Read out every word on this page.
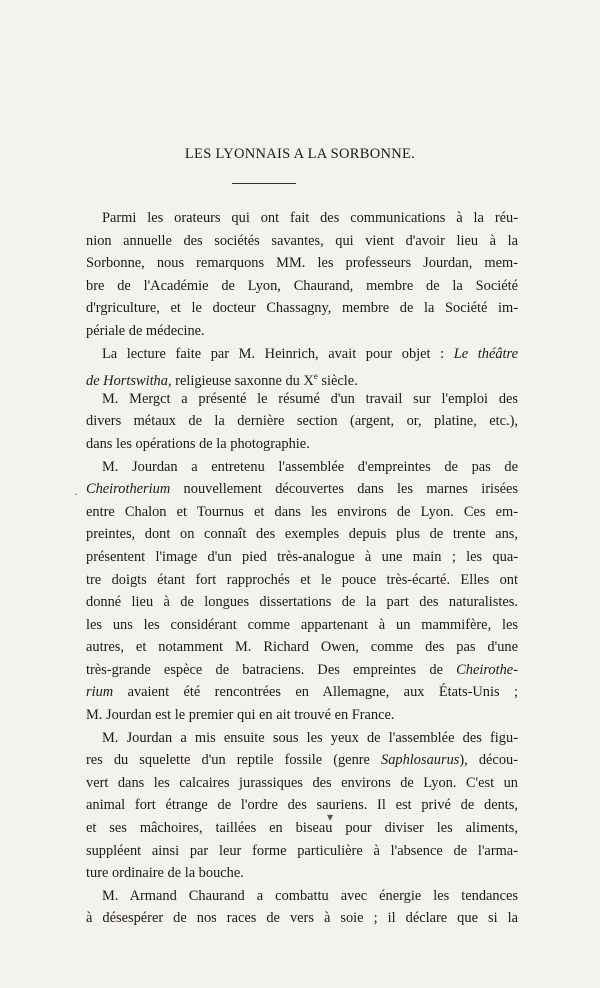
LES LYONNAIS A LA SORBONNE.
Parmi les orateurs qui ont fait des communications à la réu-
nion annuelle des sociétés savantes, qui vient d'avoir lieu à la
Sorbonne, nous remarquons MM. les professeurs Jourdan, mem-
bre de l'Académie de Lyon, Chaurand, membre de la Société
d'rgriculture, et le docteur Chassagny, membre de la Société im-
périale de médecine.
La lecture faite par M. Heinrich, avait pour objet : Le théâtre
de Hortswitha, religieuse saxonne du Xe siècle.
M. Mergct a présenté le résumé d'un travail sur l'emploi des
divers métaux de la dernière section (argent, or, platine, etc.),
dans les opérations de la photographie.
M. Jourdan a entretenu l'assemblée d'empreintes de pas de
Cheirotherium nouvellement découvertes dans les marnes irisées
entre Chalon et Tournus et dans les environs de Lyon. Ces em-
preintes, dont on connaît des exemples depuis plus de trente ans,
présentent l'image d'un pied très-analogue à une main ; les qua-
tre doigts étant fort rapprochés et le pouce très-écarté. Elles ont
donné lieu à de longues dissertations de la part des naturalistes.
les uns les considérant comme appartenant à un mammifère, les
autres, et notamment M. Richard Owen, comme des pas d'une
très-grande espèce de batraciens. Des empreintes de Cheirothe-
rium avaient été rencontrées en Allemagne, aux États-Unis ;
M. Jourdan est le premier qui en ait trouvé en France.
M. Jourdan a mis ensuite sous les yeux de l'assemblée des figu-
res du squelette d'un reptile fossile (genre Saphlosaurus), décou-
vert dans les calcaires jurassiques des environs de Lyon. C'est un
animal fort étrange de l'ordre des sauriens. Il est privé de dents,
et ses mâchoires, taillées en biseau pour diviser les aliments,
suppléent ainsi par leur forme particulière à l'absence de l'arma-
ture ordinaire de la bouche.
M. Armand Chaurand a combattu avec énergie les tendances
à désespérer de nos races de vers à soie ; il déclare que si la
·
▾
